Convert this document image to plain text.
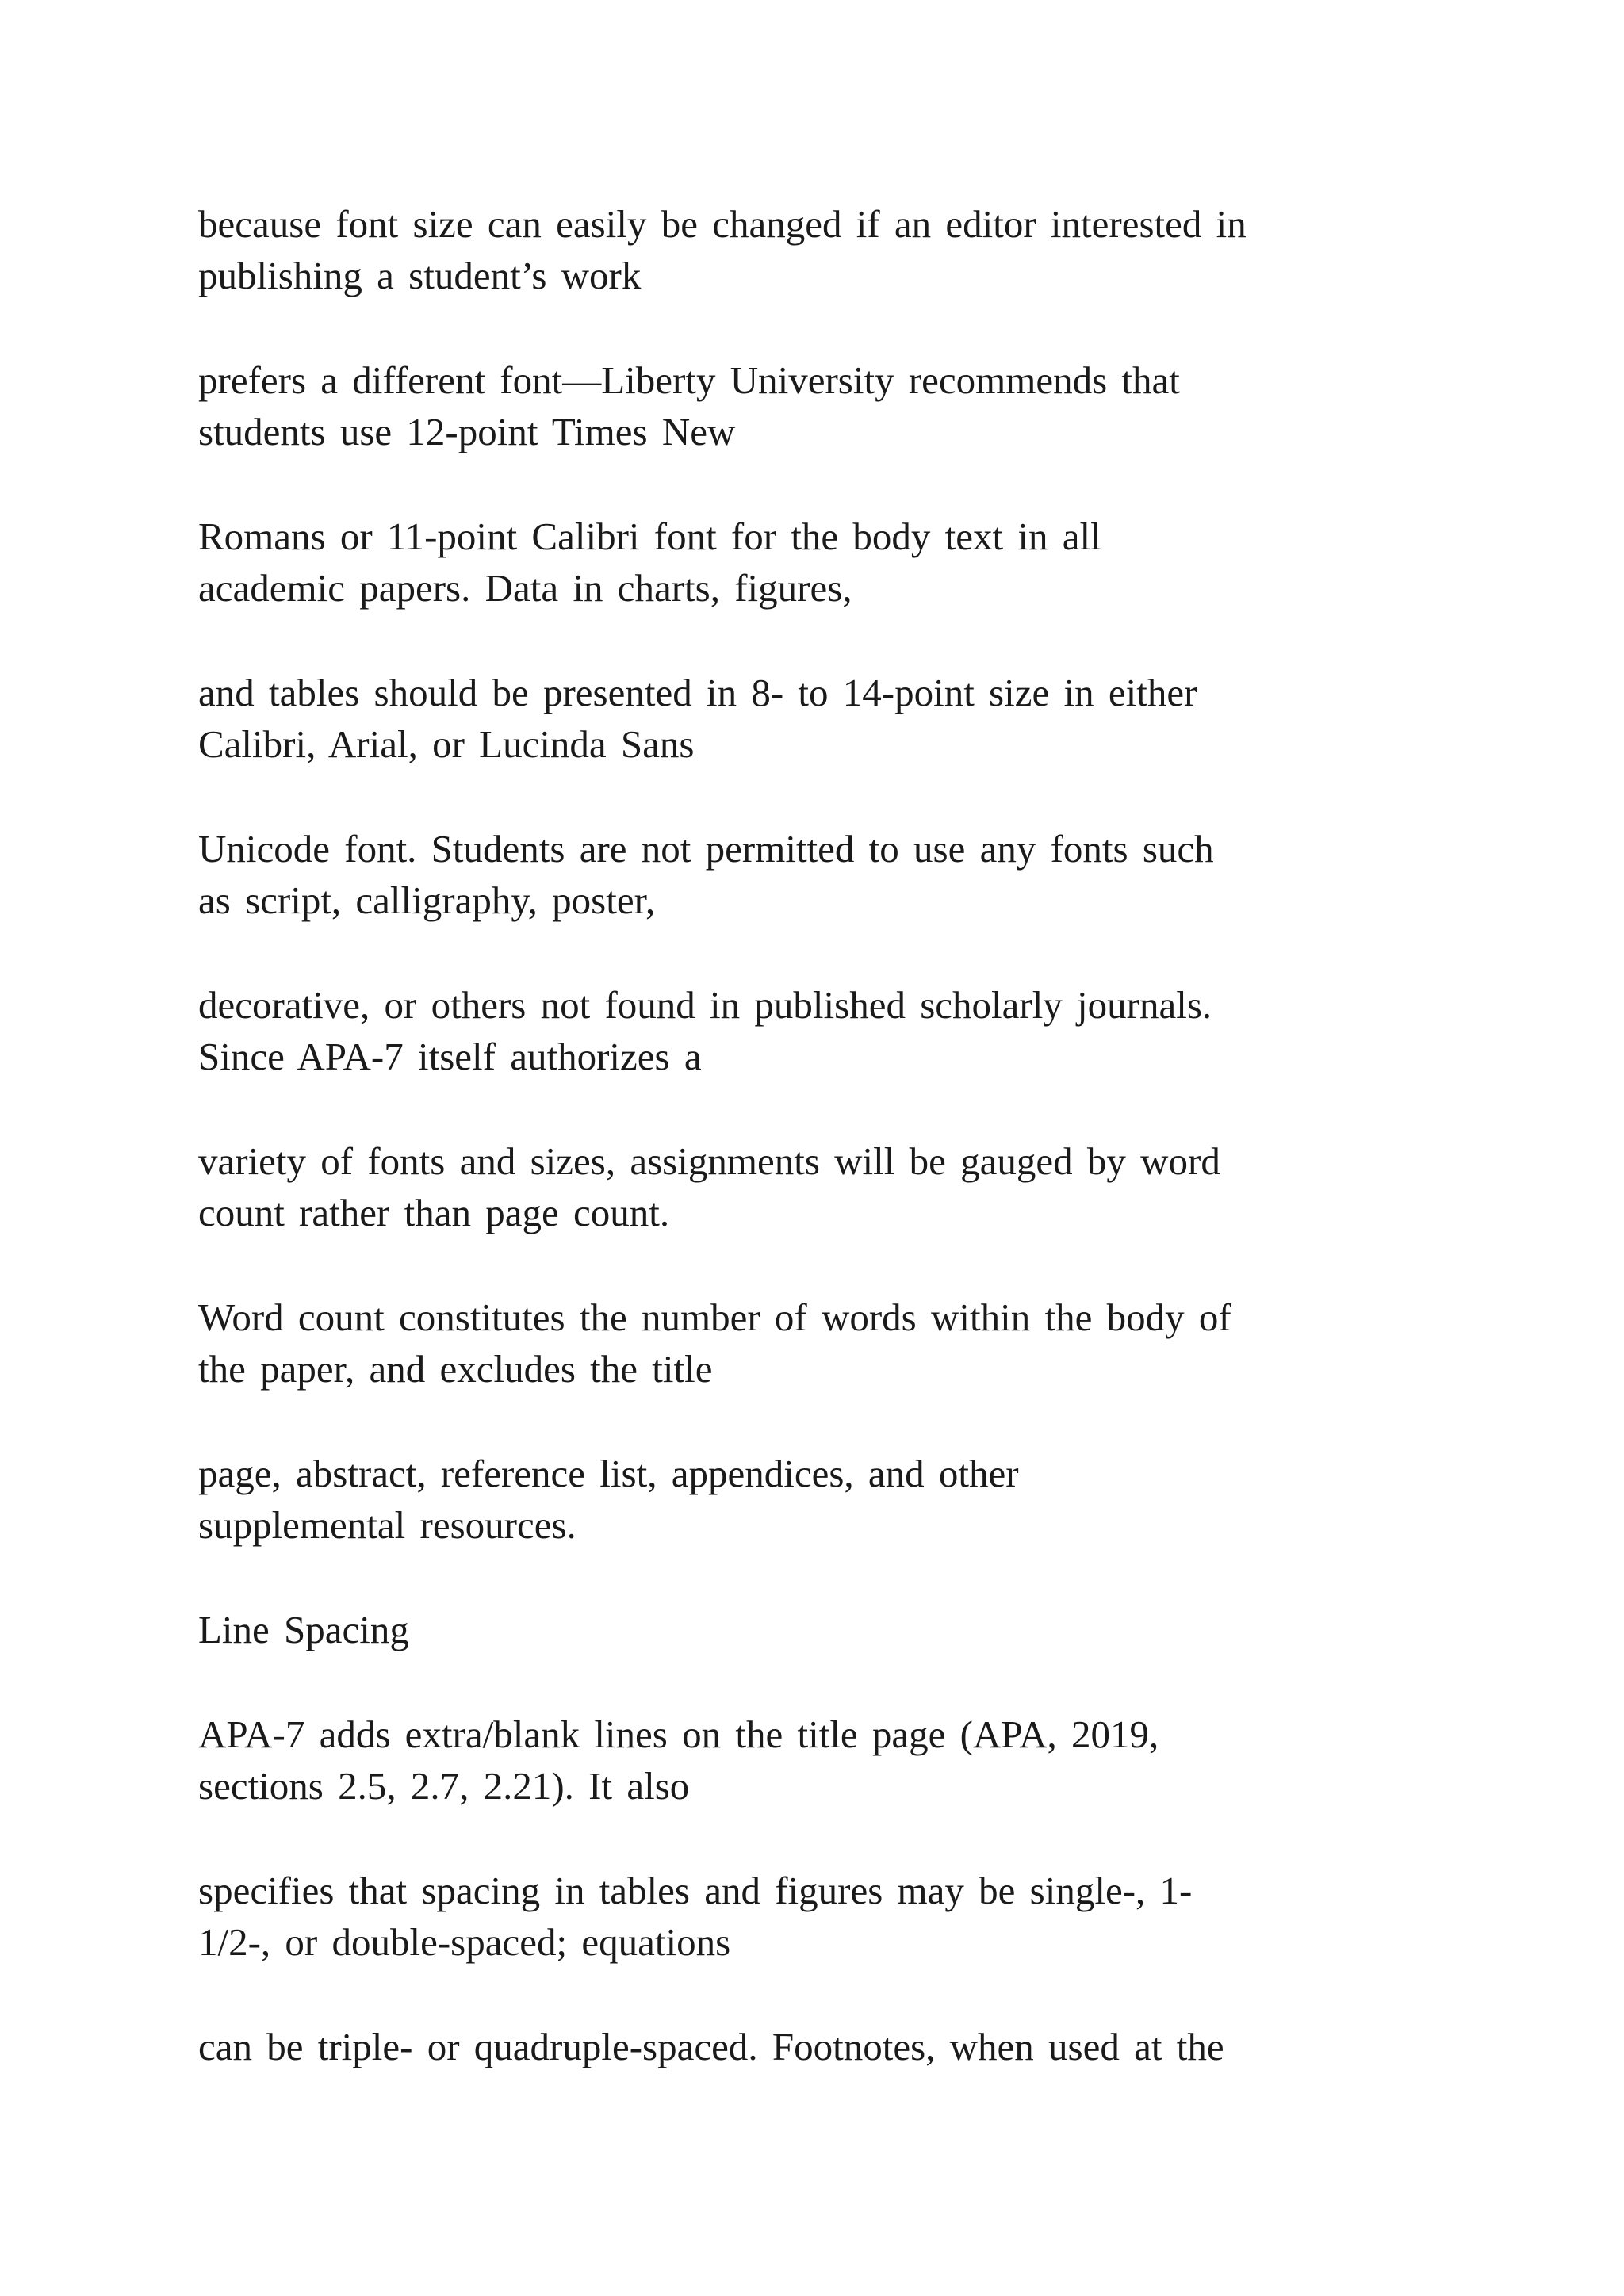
because font size can easily be changed if an editor interested in
publishing a student’s work

prefers a different font—Liberty University recommends that
students use 12-point Times New

Romans or 11-point Calibri font for the body text in all
academic papers. Data in charts, figures,

and tables should be presented in 8- to 14-point size in either
Calibri, Arial, or Lucinda Sans

Unicode font. Students are not permitted to use any fonts such
as script, calligraphy, poster,

decorative, or others not found in published scholarly journals.
Since APA-7 itself authorizes a

variety of fonts and sizes, assignments will be gauged by word
count rather than page count.

Word count constitutes the number of words within the body of
the paper, and excludes the title

page, abstract, reference list, appendices, and other
supplemental resources.

Line Spacing

APA-7 adds extra/blank lines on the title page (APA, 2019,
sections 2.5, 2.7, 2.21). It also

specifies that spacing in tables and figures may be single-, 1-
1/2-, or double-spaced; equations

can be triple- or quadruple-spaced. Footnotes, when used at the
